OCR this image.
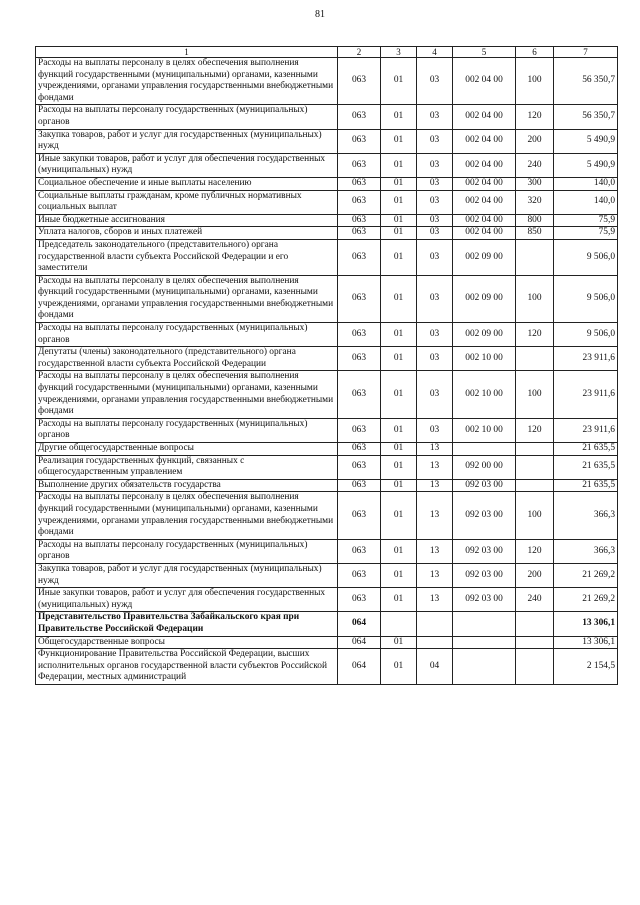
81
1	2	3	4	5	6	7
Расходы на выплаты персоналу в целях обеспечения выполнения функций государственными (муниципальными) органами, казенными учреждениями, органами управления государственными внебюджетными фондами	063	01	03	002 04 00	100	56 350,7
Расходы на выплаты персоналу государственных (муниципальных) органов	063	01	03	002 04 00	120	56 350,7
Закупка товаров, работ и услуг для государственных (муниципальных) нужд	063	01	03	002 04 00	200	5 490,9
Иные закупки товаров, работ и услуг для обеспечения государственных (муниципальных) нужд	063	01	03	002 04 00	240	5 490,9
Социальное обеспечение и иные выплаты населению	063	01	03	002 04 00	300	140,0
Социальные выплаты гражданам, кроме публичных нормативных социальных выплат	063	01	03	002 04 00	320	140,0
Иные бюджетные ассигнования	063	01	03	002 04 00	800	75,9
Уплата налогов, сборов и иных платежей	063	01	03	002 04 00	850	75,9
Председатель законодательного (представительного) органа государственной власти субъекта Российской Федерации и его заместители	063	01	03	002 09 00		9 506,0
Расходы на выплаты персоналу в целях обеспечения выполнения функций государственными (муниципальными) органами, казенными учреждениями, органами управления государственными внебюджетными фондами	063	01	03	002 09 00	100	9 506,0
Расходы на выплаты персоналу государственных (муниципальных) органов	063	01	03	002 09 00	120	9 506,0
Депутаты (члены) законодательного (представительного) органа государственной власти субъекта Российской Федерации	063	01	03	002 10 00		23 911,6
Расходы на выплаты персоналу в целях обеспечения выполнения функций государственными (муниципальными) органами, казенными учреждениями, органами управления государственными внебюджетными фондами	063	01	03	002 10 00	100	23 911,6
Расходы на выплаты персоналу государственных (муниципальных) органов	063	01	03	002 10 00	120	23 911,6
Другие общегосударственные вопросы	063	01	13			21 635,5
Реализация государственных функций, связанных с общегосударственным управлением	063	01	13	092 00 00		21 635,5
Выполнение других обязательств государства	063	01	13	092 03 00		21 635,5
Расходы на выплаты персоналу в целях обеспечения выполнения функций государственными (муниципальными) органами, казенными учреждениями, органами управления государственными внебюджетными фондами	063	01	13	092 03 00	100	366,3
Расходы на выплаты персоналу государственных (муниципальных) органов	063	01	13	092 03 00	120	366,3
Закупка товаров, работ и услуг для государственных (муниципальных) нужд	063	01	13	092 03 00	200	21 269,2
Иные закупки товаров, работ и услуг для обеспечения государственных (муниципальных) нужд	063	01	13	092 03 00	240	21 269,2
Представительство Правительства Забайкальского края при Правительстве Российской Федерации	064					13 306,1
Общегосударственные вопросы	064	01				13 306,1
Функционирование Правительства Российской Федерации, высших исполнительных органов государственной власти субъектов Российской Федерации, местных администраций	064	01	04			2 154,5
